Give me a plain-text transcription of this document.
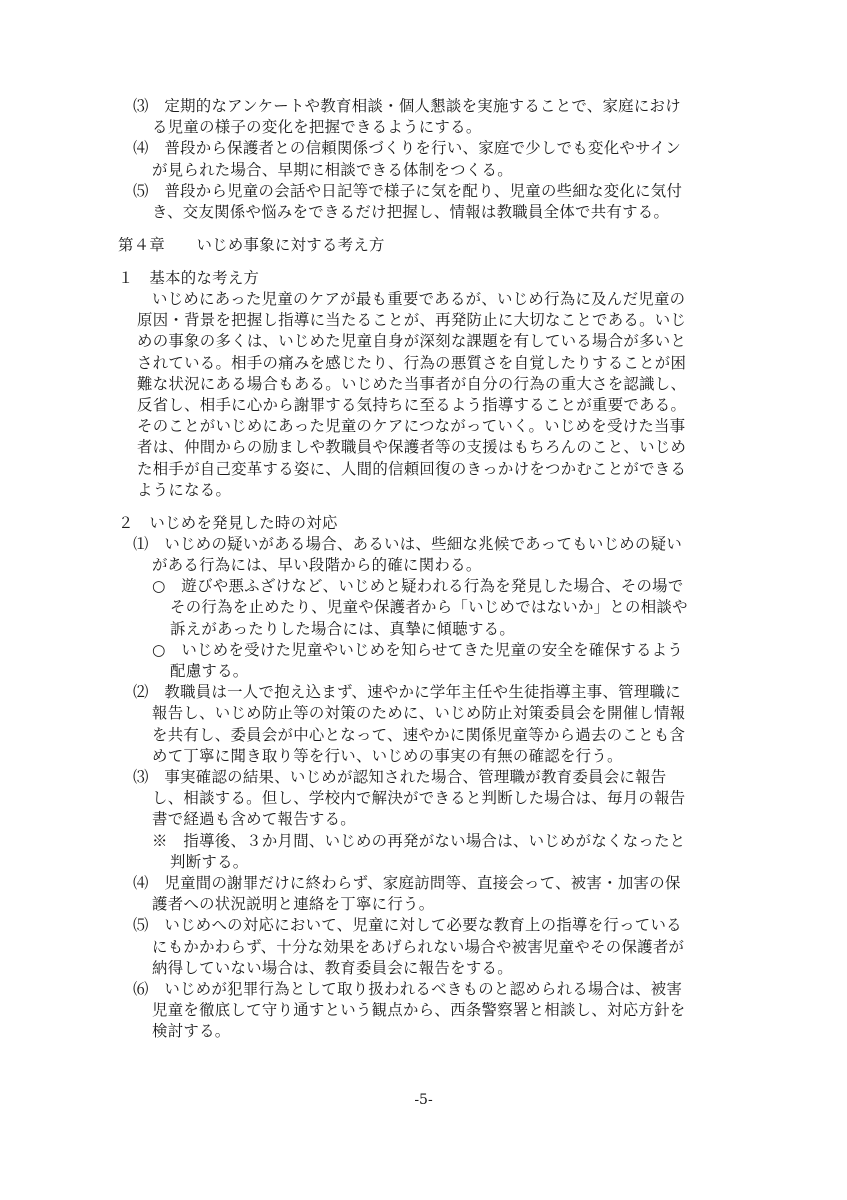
⑶　定期的なアンケートや教育相談・個人懇談を実施することで、家庭におけ
る児童の様子の変化を把握できるようにする。
⑷　普段から保護者との信頼関係づくりを行い、家庭で少しでも変化やサイン
が見られた場合、早期に相談できる体制をつくる。
⑸　普段から児童の会話や日記等で様子に気を配り、児童の些細な変化に気付
き、交友関係や悩みをできるだけ把握し、情報は教職員全体で共有する。
第４章　　いじめ事象に対する考え方
１　基本的な考え方
いじめにあった児童のケアが最も重要であるが、いじめ行為に及んだ児童の
原因・背景を把握し指導に当たることが、再発防止に大切なことである。いじ
めの事象の多くは、いじめた児童自身が深刻な課題を有している場合が多いと
されている。相手の痛みを感じたり、行為の悪質さを自覚したりすることが困
難な状況にある場合もある。いじめた当事者が自分の行為の重大さを認識し、
反省し、相手に心から謝罪する気持ちに至るよう指導することが重要である。
そのことがいじめにあった児童のケアにつながっていく。いじめを受けた当事
者は、仲間からの励ましや教職員や保護者等の支援はもちろんのこと、いじめ
た相手が自己変革する姿に、人間的信頼回復のきっかけをつかむことができる
ようになる。
２　いじめを発見した時の対応
⑴　いじめの疑いがある場合、あるいは、些細な兆候であってもいじめの疑い
がある行為には、早い段階から的確に関わる。
○　遊びや悪ふざけなど、いじめと疑われる行為を発見した場合、その場で
その行為を止めたり、児童や保護者から「いじめではないか」との相談や
訴えがあったりした場合には、真摯に傾聴する。
○　いじめを受けた児童やいじめを知らせてきた児童の安全を確保するよう
配慮する。
⑵　教職員は一人で抱え込まず、速やかに学年主任や生徒指導主事、管理職に
報告し、いじめ防止等の対策のために、いじめ防止対策委員会を開催し情報
を共有し、委員会が中心となって、速やかに関係児童等から過去のことも含
めて丁寧に聞き取り等を行い、いじめの事実の有無の確認を行う。
⑶　事実確認の結果、いじめが認知された場合、管理職が教育委員会に報告
し、相談する。但し、学校内で解決ができると判断した場合は、毎月の報告
書で経過も含めて報告する。
※　指導後、３か月間、いじめの再発がない場合は、いじめがなくなったと
判断する。
⑷　児童間の謝罪だけに終わらず、家庭訪問等、直接会って、被害・加害の保
護者への状況説明と連絡を丁寧に行う。
⑸　いじめへの対応において、児童に対して必要な教育上の指導を行っている
にもかかわらず、十分な効果をあげられない場合や被害児童やその保護者が
納得していない場合は、教育委員会に報告をする。
⑹　いじめが犯罪行為として取り扱われるべきものと認められる場合は、被害
児童を徹底して守り通すという観点から、西条警察署と相談し、対応方針を
検討する。
-5-
